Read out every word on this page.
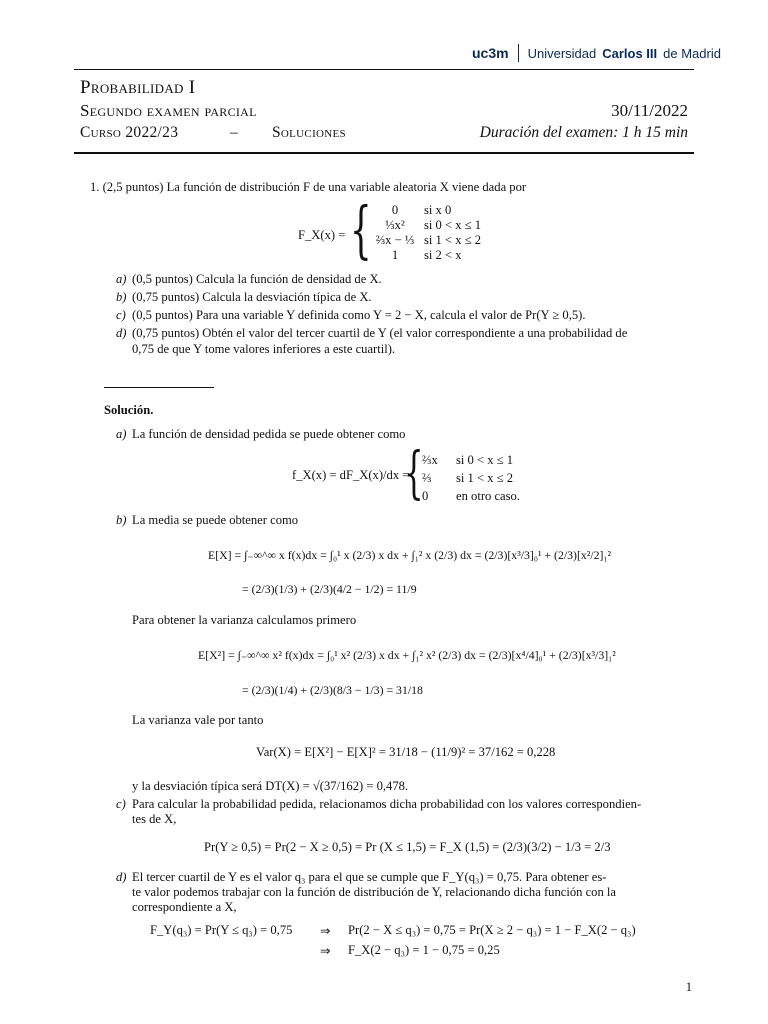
uc3m Universidad Carlos III de Madrid
Probabilidad I
Segundo examen parcial	30/11/2022
Curso 2022/23	– Soluciones	Duración del examen: 1 h 15 min
1. (2,5 puntos) La función de distribución F de una variable aleatoria X viene dada por
F_X(x) = {	0	si x 0
⅓x²	si 0 < x ≤ 1
⅔x − ⅓ si 1 < x ≤ 2
1	si 2 < x
a) (0,5 puntos) Calcula la función de densidad de X.
b) (0,75 puntos) Calcula la desviación típica de X.
c) (0,5 puntos) Para una variable Y definida como Y = 2 − X, calcula el valor de Pr(Y ≥ 0,5).
d) (0,75 puntos) Obtén el valor del tercer cuartil de Y (el valor correspondiente a una probabilidad de
0,75 de que Y tome valores inferiores a este cuartil).
Solución.
a) La función de densidad pedida se puede obtener como
f_X(x) = dF_X(x)/dx =
{
⅔x	si 0 < x ≤ 1
⅔	si 1 < x ≤ 2
0	en otro caso.
b) La media se puede obtener como
E[X] = ∫₋∞^∞ x f(x)dx = ∫₀¹ x (2/3) x dx + ∫₁² x (2/3) dx = (2/3)[x³/3]₀¹ + (2/3)[x²/2]₁²
= (2/3)(1/3) + (2/3)(4/2 − 1/2) = 11/9
Para obtener la varianza calculamos primero
E[X²] = ∫₋∞^∞ x² f(x)dx = ∫₀¹ x² (2/3) x dx + ∫₁² x² (2/3) dx = (2/3)[x⁴/4]₀¹ + (2/3)[x³/3]₁²
= (2/3)(1/4) + (2/3)(8/3 − 1/3) = 31/18
La varianza vale por tanto
Var(X) = E[X²] − E[X]² = 31/18 − (11/9)² = 37/162 = 0,228
y la desviación típica será DT(X) = √(37/162) = 0,478.
c) Para calcular la probabilidad pedida, relacionamos dicha probabilidad con los valores correspondien-
tes de X,
Pr(Y ≥ 0,5) = Pr(2 − X ≥ 0,5) = Pr (X ≤ 1,5) = F_X (1,5) = (2/3)(3/2) − 1/3 = 2/3
d) El tercer cuartil de Y es el valor q₃ para el que se cumple que F_Y(q₃) = 0,75. Para obtener es-
te valor podemos trabajar con la función de distribución de Y, relacionando dicha función con la
correspondiente a X,
F_Y(q₃) = Pr(Y ≤ q₃) = 0,75 ⇒ Pr(2 − X ≤ q₃) = 0,75 = Pr(X ≥ 2 − q₃) = 1 − F_X(2 − q₃)
⇒ F_X(2 − q₃) = 1 − 0,75 = 0,25
1
